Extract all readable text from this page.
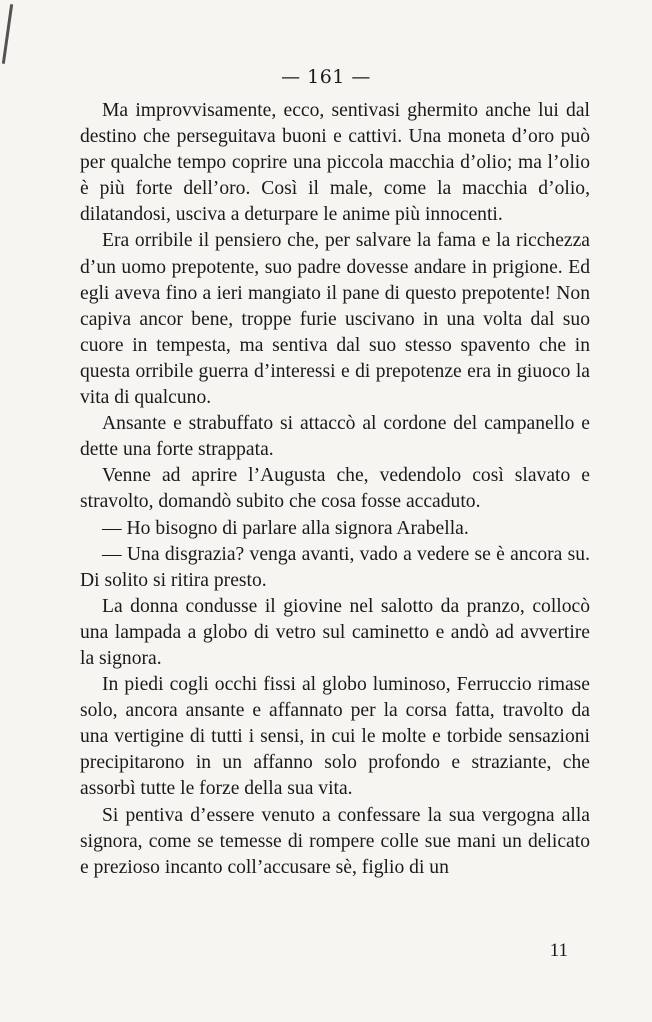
— 161 —

Ma improvvisamente, ecco, sentivasi ghermito anche lui dal destino che perseguitava buoni e cattivi. Una moneta d’oro può per qualche tempo coprire una piccola macchia d’olio; ma l’olio è più forte dell’oro. Così il male, come la macchia d’olio, dilatandosi, usciva a deturpare le anime più innocenti.

Era orribile il pensiero che, per salvare la fama e la ricchezza d’un uomo prepotente, suo padre dovesse andare in prigione. Ed egli aveva fino a ieri mangiato il pane di questo prepotente! Non capiva ancor bene, troppe furie uscivano in una volta dal suo cuore in tempesta, ma sentiva dal suo stesso spavento che in questa orribile guerra d’interessi e di prepotenze era in giuoco la vita di qualcuno.

Ansante e strabuffato si attaccò al cordone del campanello e dette una forte strappata.

Venne ad aprire l’Augusta che, vedendolo così slavato e stravolto, domandò subito che cosa fosse accaduto.

— Ho bisogno di parlare alla signora Arabella.

— Una disgrazia? venga avanti, vado a vedere se è ancora su. Di solito si ritira presto.

La donna condusse il giovine nel salotto da pranzo, collocò una lampada a globo di vetro sul caminetto e andò ad avvertire la signora.

In piedi cogli occhi fissi al globo luminoso, Ferruccio rimase solo, ancora ansante e affannato per la corsa fatta, travolto da una vertigine di tutti i sensi, in cui le molte e torbide sensazioni precipitarono in un affanno solo profondo e straziante, che assorbì tutte le forze della sua vita.

Si pentiva d’essere venuto a confessare la sua vergogna alla signora, come se temesse di rompere colle sue mani un delicato e prezioso incanto coll’accusare sè, figlio di un

11
